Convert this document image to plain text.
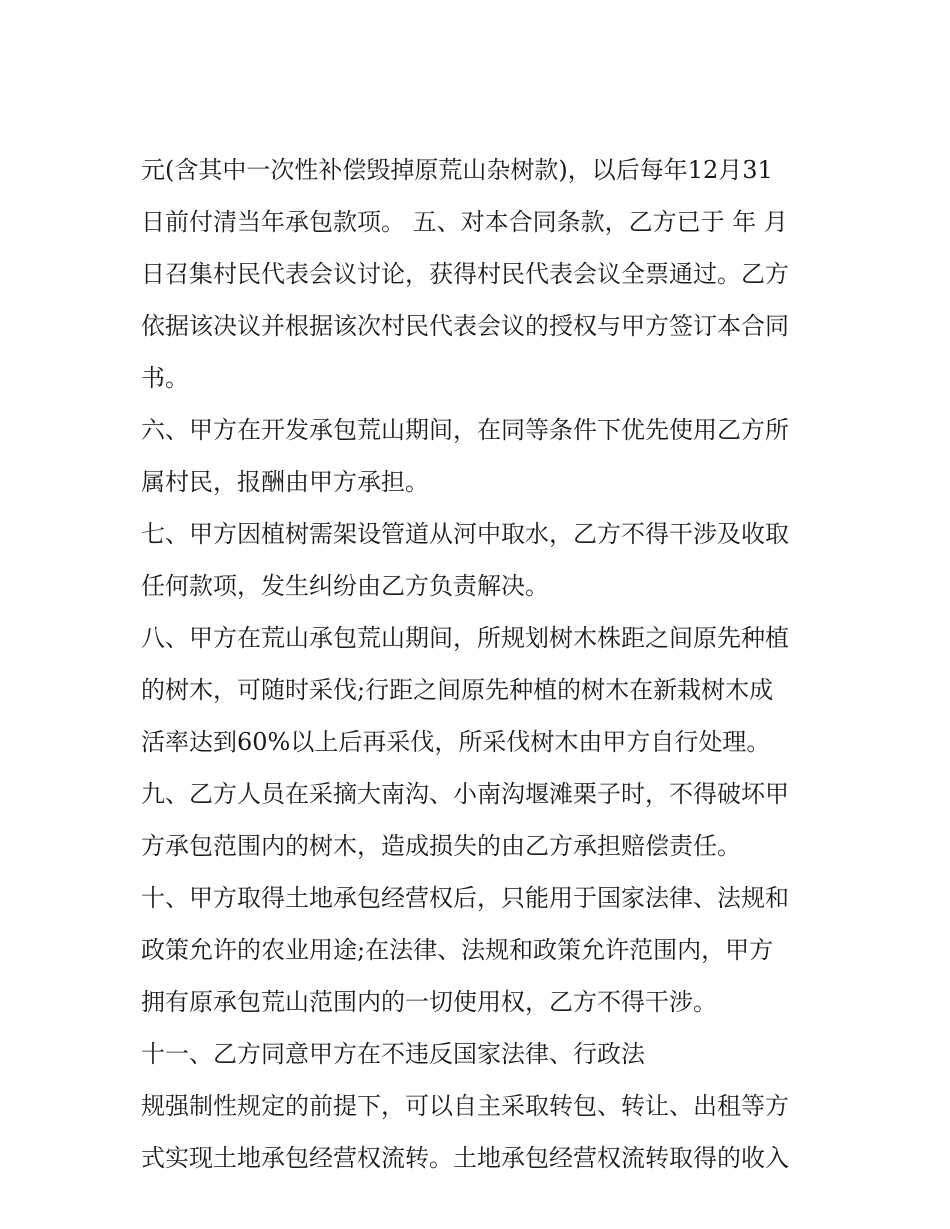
元(含其中一次性补偿毁掉原荒山杂树款)，以后每年12月31
日前付清当年承包款项。 五、对本合同条款，乙方已于 年 月
日召集村民代表会议讨论，获得村民代表会议全票通过。乙方
依据该决议并根据该次村民代表会议的授权与甲方签订本合同
书。
六、甲方在开发承包荒山期间，在同等条件下优先使用乙方所
属村民，报酬由甲方承担。
七、甲方因植树需架设管道从河中取水，乙方不得干涉及收取
任何款项，发生纠纷由乙方负责解决。
八、甲方在荒山承包荒山期间，所规划树木株距之间原先种植
的树木，可随时采伐;行距之间原先种植的树木在新栽树木成
活率达到60%以上后再采伐，所采伐树木由甲方自行处理。
九、乙方人员在采摘大南沟、小南沟堰滩栗子时，不得破坏甲
方承包范围内的树木，造成损失的由乙方承担赔偿责任。
十、甲方取得土地承包经营权后，只能用于国家法律、法规和
政策允许的农业用途;在法律、法规和政策允许范围内，甲方
拥有原承包荒山范围内的一切使用权，乙方不得干涉。
十一、乙方同意甲方在不违反国家法律、行政法
规强制性规定的前提下，可以自主采取转包、转让、出租等方
式实现土地承包经营权流转。土地承包经营权流转取得的收入
